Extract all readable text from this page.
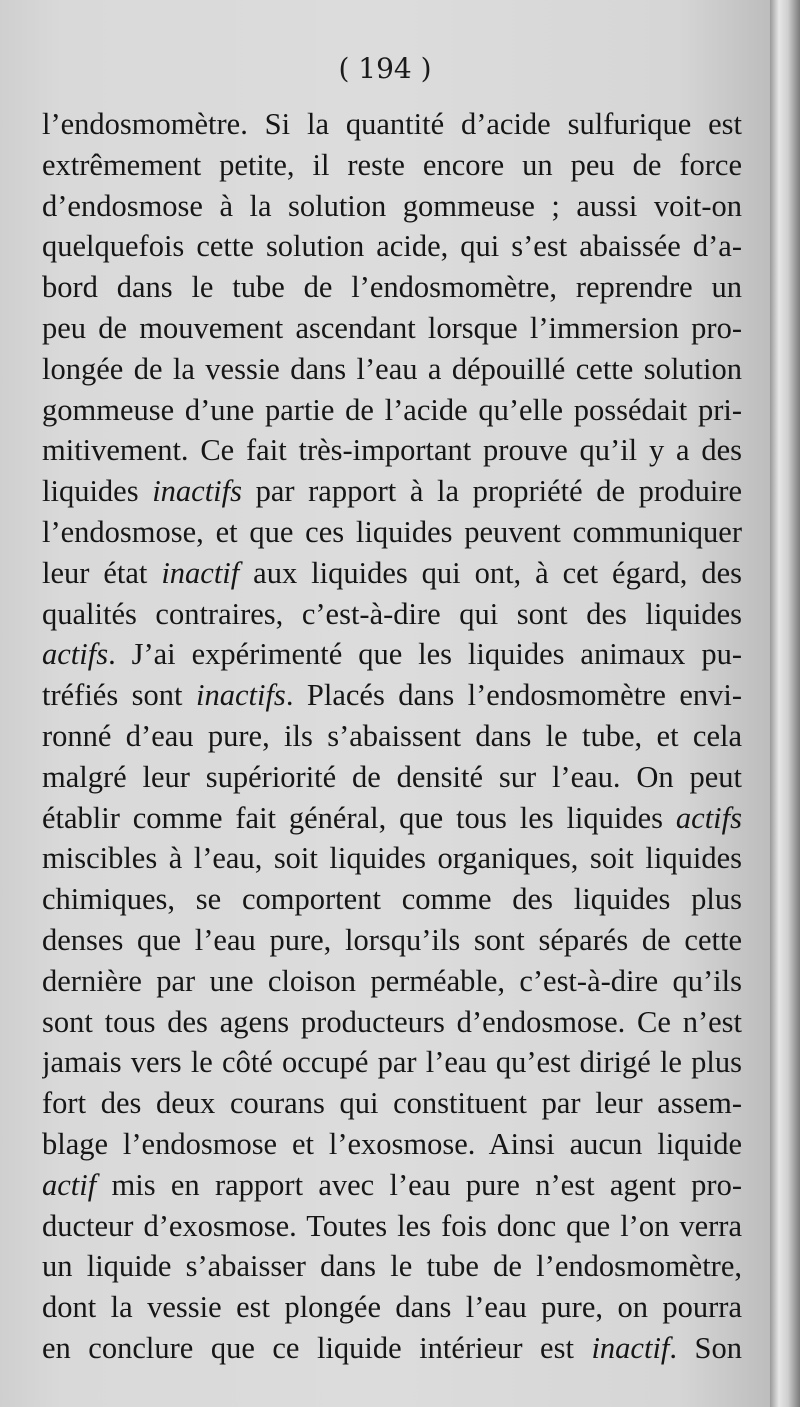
( 194 )
l’endosmomètre. Si la quantité d’acide sulfurique est
extrêmement petite, il reste encore un peu de force
d’endosmose à la solution gommeuse ; aussi voit-on
quelquefois cette solution acide, qui s’est abaissée d’a-
bord dans le tube de l’endosmomètre, reprendre un
peu de mouvement ascendant lorsque l’immersion pro-
longée de la vessie dans l’eau a dépouillé cette solution
gommeuse d’une partie de l’acide qu’elle possédait pri-
mitivement. Ce fait très-important prouve qu’il y a des
liquides inactifs par rapport à la propriété de produire
l’endosmose, et que ces liquides peuvent communiquer
leur état inactif aux liquides qui ont, à cet égard, des
qualités contraires, c’est-à-dire qui sont des liquides
actifs. J’ai expérimenté que les liquides animaux pu-
tréfiés sont inactifs. Placés dans l’endosmomètre envi-
ronné d’eau pure, ils s’abaissent dans le tube, et cela
malgré leur supériorité de densité sur l’eau. On peut
établir comme fait général, que tous les liquides actifs
miscibles à l’eau, soit liquides organiques, soit liquides
chimiques, se comportent comme des liquides plus
denses que l’eau pure, lorsqu’ils sont séparés de cette
dernière par une cloison perméable, c’est-à-dire qu’ils
sont tous des agens producteurs d’endosmose. Ce n’est
jamais vers le côté occupé par l’eau qu’est dirigé le plus
fort des deux courans qui constituent par leur assem-
blage l’endosmose et l’exosmose. Ainsi aucun liquide
actif mis en rapport avec l’eau pure n’est agent pro-
ducteur d’exosmose. Toutes les fois donc que l’on verra
un liquide s’abaisser dans le tube de l’endosmomètre,
dont la vessie est plongée dans l’eau pure, on pourra
en conclure que ce liquide intérieur est inactif. Son
